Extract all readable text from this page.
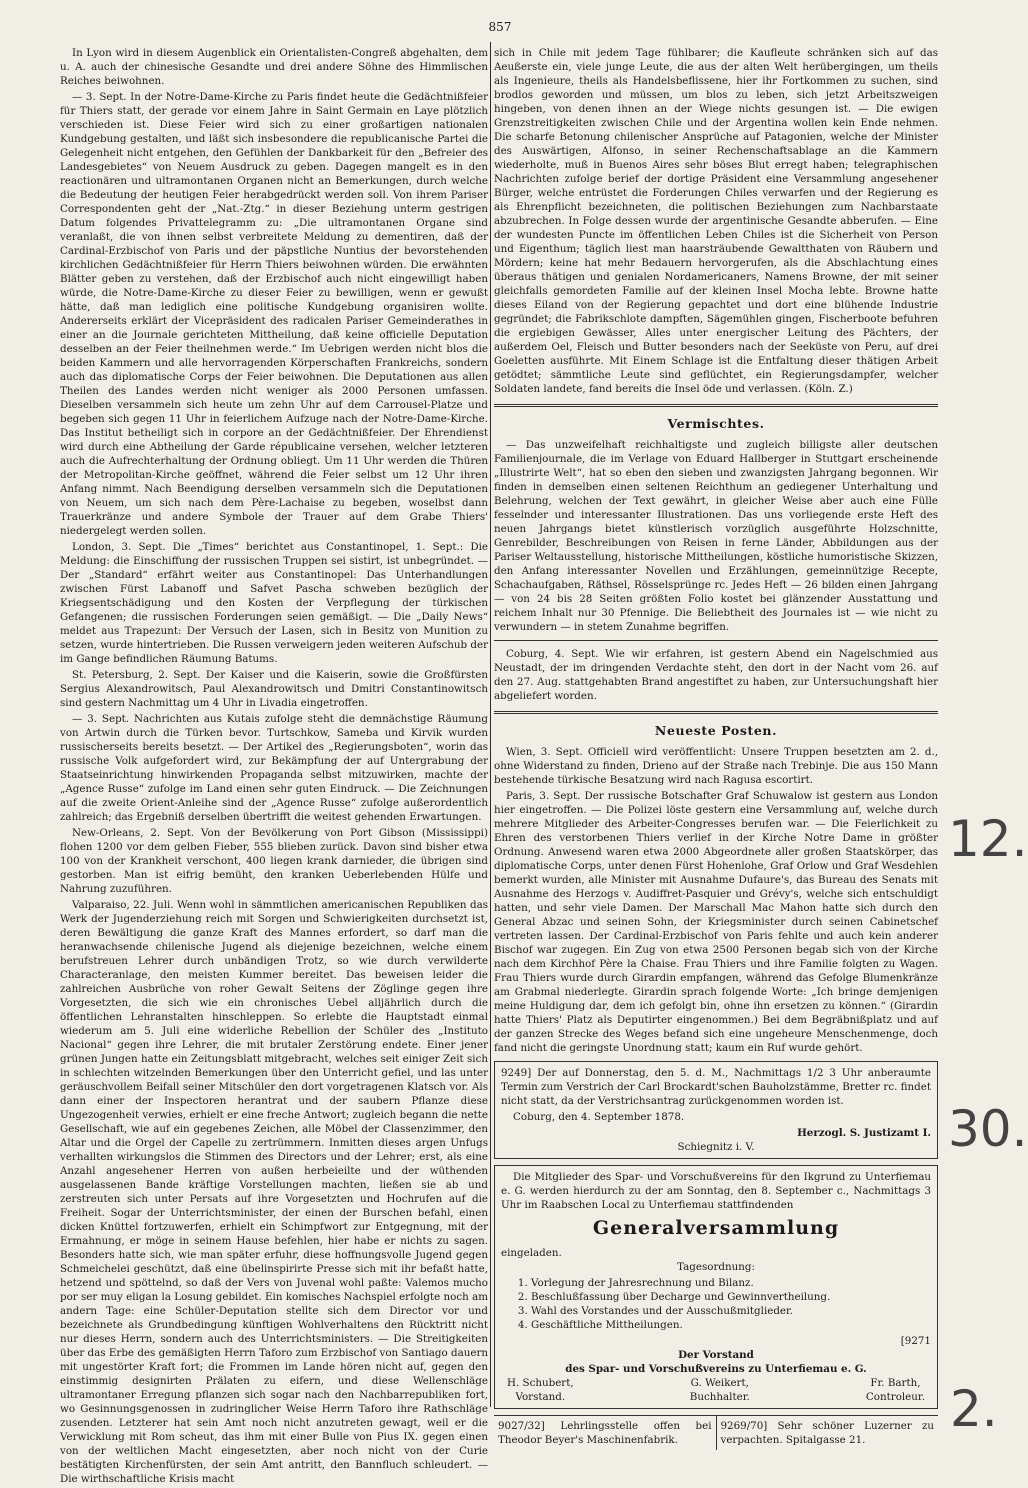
857

In Lyon wird in diesem Augenblick ein Orientalisten-Congreß abgehalten, dem u. A. auch der chinesische Gesandte und drei andere Söhne des Himmlischen Reiches beiwohnen.

— 3. Sept. In der Notre-Dame-Kirche zu Paris findet heute die Gedächtnißfeier für Thiers statt, der gerade vor einem Jahre in Saint Germain en Laye plötzlich verschieden ist. Diese Feier wird sich zu einer großartigen nationalen Kundgebung gestalten, und läßt sich insbesondere die republicanische Partei die Gelegenheit nicht entgehen, den Gefühlen der Dankbarkeit für den „Befreier des Landesgebietes“ von Neuem Ausdruck zu geben. Dagegen mangelt es in den reactionären und ultramontanen Organen nicht an Bemerkungen, durch welche die Bedeutung der heutigen Feier herabgedrückt werden soll. Von ihrem Pariser Correspondenten geht der „Nat.-Ztg.“ in dieser Beziehung unterm gestrigen Datum folgendes Privattelegramm zu: „Die ultramontanen Organe sind veranlaßt, die von ihnen selbst verbreitete Meldung zu dementiren, daß der Cardinal-Erzbischof von Paris und der päpstliche Nuntius der bevorstehenden kirchlichen Gedächtnißfeier für Herrn Thiers beiwohnen würden. Die erwähnten Blätter geben zu verstehen, daß der Erzbischof auch nicht eingewilligt haben würde, die Notre-Dame-Kirche zu dieser Feier zu bewilligen, wenn er gewußt hätte, daß man lediglich eine politische Kundgebung organisiren wollte. Andererseits erklärt der Vicepräsident des radicalen Pariser Gemeinderathes in einer an die Journale gerichteten Mittheilung, daß keine officielle Deputation desselben an der Feier theilnehmen werde.“ Im Uebrigen werden nicht blos die beiden Kammern und alle hervorragenden Körperschaften Frankreichs, sondern auch das diplomatische Corps der Feier beiwohnen. Die Deputationen aus allen Theilen des Landes werden nicht weniger als 2000 Personen umfassen. Dieselben versammeln sich heute um zehn Uhr auf dem Carrousel-Platze und begeben sich gegen 11 Uhr in feierlichem Aufzuge nach der Notre-Dame-Kirche. Das Institut betheiligt sich in corpore an der Gedächtnißfeier. Der Ehrendienst wird durch eine Abtheilung der Garde républicaine versehen, welcher letzteren auch die Aufrechterhaltung der Ordnung obliegt. Um 11 Uhr werden die Thüren der Metropolitan-Kirche geöffnet, während die Feier selbst um 12 Uhr ihren Anfang nimmt. Nach Beendigung derselben versammeln sich die Deputationen von Neuem, um sich nach dem Père-Lachaise zu begeben, woselbst dann Trauerkränze und andere Symbole der Trauer auf dem Grabe Thiers' niedergelegt werden sollen.

London, 3. Sept. Die „Times“ berichtet aus Constantinopel, 1. Sept.: Die Meldung: die Einschiffung der russischen Truppen sei sistirt, ist unbegründet. — Der „Standard“ erfährt weiter aus Constantinopel: Das Unterhandlungen zwischen Fürst Labanoff und Safvet Pascha schweben bezüglich der Kriegsentschädigung und den Kosten der Verpflegung der türkischen Gefangenen; die russischen Forderungen seien gemäßigt. — Die „Daily News“ meldet aus Trapezunt: Der Versuch der Lasen, sich in Besitz von Munition zu setzen, wurde hintertrieben. Die Russen verweigern jeden weiteren Aufschub der im Gange befindlichen Räumung Batums.

St. Petersburg, 2. Sept. Der Kaiser und die Kaiserin, sowie die Großfürsten Sergius Alexandrowitsch, Paul Alexandrowitsch und Dmitri Constantinowitsch sind gestern Nachmittag um 4 Uhr in Livadia eingetroffen.

— 3. Sept. Nachrichten aus Kutais zufolge steht die demnächstige Räumung von Artwin durch die Türken bevor. Turtschkow, Sameba und Kirvik wurden russischerseits bereits besetzt. — Der Artikel des „Regierungsboten“, worin das russische Volk aufgefordert wird, zur Bekämpfung der auf Untergrabung der Staatseinrichtung hinwirkenden Propaganda selbst mitzuwirken, machte der „Agence Russe“ zufolge im Land einen sehr guten Eindruck. — Die Zeichnungen auf die zweite Orient-Anleihe sind der „Agence Russe“ zufolge außerordentlich zahlreich; das Ergebniß derselben übertrifft die weitest gehenden Erwartungen.

New-Orleans, 2. Sept. Von der Bevölkerung von Port Gibson (Mississippi) flohen 1200 vor dem gelben Fieber, 555 blieben zurück. Davon sind bisher etwa 100 von der Krankheit verschont, 400 liegen krank darnieder, die übrigen sind gestorben. Man ist eifrig bemüht, den kranken Ueberlebenden Hülfe und Nahrung zuzuführen.

Valparaiso, 22. Juli. Wenn wohl in sämmtlichen americanischen Republiken das Werk der Jugenderziehung reich mit Sorgen und Schwierigkeiten durchsetzt ist, deren Bewältigung die ganze Kraft des Mannes erfordert, so darf man die heranwachsende chilenische Jugend als diejenige bezeichnen, welche einem berufstreuen Lehrer durch unbändigen Trotz, so wie durch verwilderte Characteranlage, den meisten Kummer bereitet. Das beweisen leider die zahlreichen Ausbrüche von roher Gewalt Seitens der Zöglinge gegen ihre Vorgesetzten, die sich wie ein chronisches Uebel alljährlich durch die öffentlichen Lehranstalten hinschleppen. So erlebte die Hauptstadt einmal wiederum am 5. Juli eine widerliche Rebellion der Schüler des „Instituto Nacional“ gegen ihre Lehrer, die mit brutaler Zerstörung endete. Einer jener grünen Jungen hatte ein Zeitungsblatt mitgebracht, welches seit einiger Zeit sich in schlechten witzelnden Bemerkungen über den Unterricht gefiel, und las unter geräuschvollem Beifall seiner Mitschüler den dort vorgetragenen Klatsch vor. Als dann einer der Inspectoren herantrat und der saubern Pflanze diese Ungezogenheit verwies, erhielt er eine freche Antwort; zugleich begann die nette Gesellschaft, wie auf ein gegebenes Zeichen, alle Möbel der Classenzimmer, den Altar und die Orgel der Capelle zu zertrümmern. Inmitten dieses argen Unfugs verhallten wirkungslos die Stimmen des Directors und der Lehrer; erst, als eine Anzahl angesehener Herren von außen herbeieilte und der wüthenden ausgelassenen Bande kräftige Vorstellungen machten, ließen sie ab und zerstreuten sich unter Persats auf ihre Vorgesetzten und Hochrufen auf die Freiheit. Sogar der Unterrichtsminister, der einen der Burschen befahl, einen dicken Knüttel fortzuwerfen, erhielt ein Schimpfwort zur Entgegnung, mit der Ermahnung, er möge in seinem Hause befehlen, hier habe er nichts zu sagen. Besonders hatte sich, wie man später erfuhr, diese hoffnungsvolle Jugend gegen Schmeichelei geschützt, daß eine übelinspirirte Presse sich mit ihr befaßt hatte, hetzend und spöttelnd, so daß der Vers von Juvenal wohl paßte: Valemos mucho por ser muy eligan la Losung gebildet. Ein komisches Nachspiel erfolgte noch am andern Tage: eine Schüler-Deputation stellte sich dem Director vor und bezeichnete als Grundbedingung künftigen Wohlverhaltens den Rücktritt nicht nur dieses Herrn, sondern auch des Unterrichtsministers. — Die Streitigkeiten über das Erbe des gemäßigten Herrn Taforo zum Erzbischof von Santiago dauern mit ungestörter Kraft fort; die Frommen im Lande hören nicht auf, gegen den einstimmig designirten Prälaten zu eifern, und diese Wellenschläge ultramontaner Erregung pflanzen sich sogar nach den Nachbarrepubliken fort, wo Gesinnungsgenossen in zudringlicher Weise Herrn Taforo ihre Rathschläge zusenden. Letzterer hat sein Amt noch nicht anzutreten gewagt, weil er die Verwicklung mit Rom scheut, das ihm mit einer Bulle von Pius IX. gegen einen von der weltlichen Macht eingesetzten, aber noch nicht von der Curie bestätigten Kirchenfürsten, der sein Amt antritt, den Bannfluch schleudert. — Die wirthschaftliche Krisis macht

sich in Chile mit jedem Tage fühlbarer; die Kaufleute schränken sich auf das Aeußerste ein, viele junge Leute, die aus der alten Welt herübergingen, um theils als Ingenieure, theils als Handelsbeflissene, hier ihr Fortkommen zu suchen, sind brodlos geworden und müssen, um blos zu leben, sich jetzt Arbeitszweigen hingeben, von denen ihnen an der Wiege nichts gesungen ist. — Die ewigen Grenzstreitigkeiten zwischen Chile und der Argentina wollen kein Ende nehmen. Die scharfe Betonung chilenischer Ansprüche auf Patagonien, welche der Minister des Auswärtigen, Alfonso, in seiner Rechenschaftsablage an die Kammern wiederholte, muß in Buenos Aires sehr böses Blut erregt haben; telegraphischen Nachrichten zufolge berief der dortige Präsident eine Versammlung angesehener Bürger, welche entrüstet die Forderungen Chiles verwarfen und der Regierung es als Ehrenpflicht bezeichneten, die politischen Beziehungen zum Nachbarstaate abzubrechen. In Folge dessen wurde der argentinische Gesandte abberufen. — Eine der wundesten Puncte im öffentlichen Leben Chiles ist die Sicherheit von Person und Eigenthum; täglich liest man haarsträubende Gewaltthaten von Räubern und Mördern; keine hat mehr Bedauern hervorgerufen, als die Abschlachtung eines überaus thätigen und genialen Nordamericaners, Namens Browne, der mit seiner gleichfalls gemordeten Familie auf der kleinen Insel Mocha lebte. Browne hatte dieses Eiland von der Regierung gepachtet und dort eine blühende Industrie gegründet; die Fabrikschlote dampften, Sägemühlen gingen, Fischerboote befuhren die ergiebigen Gewässer, Alles unter energischer Leitung des Pächters, der außerdem Oel, Fleisch und Butter besonders nach der Seeküste von Peru, auf drei Goeletten ausführte. Mit Einem Schlage ist die Entfaltung dieser thätigen Arbeit getödtet; sämmtliche Leute sind geflüchtet, ein Regierungsdampfer, welcher Soldaten landete, fand bereits die Insel öde und verlassen. (Köln. Z.)

Vermischtes.

— Das unzweifelhaft reichhaltigste und zugleich billigste aller deutschen Familienjournale, die im Verlage von Eduard Hallberger in Stuttgart erscheinende „Illustrirte Welt“, hat so eben den sieben und zwanzigsten Jahrgang begonnen. Wir finden in demselben einen seltenen Reichthum an gediegener Unterhaltung und Belehrung, welchen der Text gewährt, in gleicher Weise aber auch eine Fülle fesselnder und interessanter Illustrationen. Das uns vorliegende erste Heft des neuen Jahrgangs bietet künstlerisch vorzüglich ausgeführte Holzschnitte, Genrebilder, Beschreibungen von Reisen in ferne Länder, Abbildungen aus der Pariser Weltausstellung, historische Mittheilungen, köstliche humoristische Skizzen, den Anfang interessanter Novellen und Erzählungen, gemeinnützige Recepte, Schachaufgaben, Räthsel, Rösselsprünge rc. Jedes Heft — 26 bilden einen Jahrgang — von 24 bis 28 Seiten größten Folio kostet bei glänzender Ausstattung und reichem Inhalt nur 30 Pfennige. Die Beliebtheit des Journales ist — wie nicht zu verwundern — in stetem Zunahme begriffen.

Coburg, 4. Sept. Wie wir erfahren, ist gestern Abend ein Nagelschmied aus Neustadt, der im dringenden Verdachte steht, den dort in der Nacht vom 26. auf den 27. Aug. stattgehabten Brand angestiftet zu haben, zur Untersuchungshaft hier abgeliefert worden.

Neueste Posten.

Wien, 3. Sept. Officiell wird veröffentlicht: Unsere Truppen besetzten am 2. d., ohne Widerstand zu finden, Drieno auf der Straße nach Trebinje. Die aus 150 Mann bestehende türkische Besatzung wird nach Ragusa escortirt.

Paris, 3. Sept. Der russische Botschafter Graf Schuwalow ist gestern aus London hier eingetroffen. — Die Polizei löste gestern eine Versammlung auf, welche durch mehrere Mitglieder des Arbeiter-Congresses berufen war. — Die Feierlichkeit zu Ehren des verstorbenen Thiers verlief in der Kirche Notre Dame in größter Ordnung. Anwesend waren etwa 2000 Abgeordnete aller großen Staatskörper, das diplomatische Corps, unter denen Fürst Hohenlohe, Graf Orlow und Graf Wesdehlen bemerkt wurden, alle Minister mit Ausnahme Dufaure's, das Bureau des Senats mit Ausnahme des Herzogs v. Audiffret-Pasquier und Grévy's, welche sich entschuldigt hatten, und sehr viele Damen. Der Marschall Mac Mahon hatte sich durch den General Abzac und seinen Sohn, der Kriegsminister durch seinen Cabinetschef vertreten lassen. Der Cardinal-Erzbischof von Paris fehlte und auch kein anderer Bischof war zugegen. Ein Zug von etwa 2500 Personen begab sich von der Kirche nach dem Kirchhof Père la Chaise. Frau Thiers und ihre Familie folgten zu Wagen. Frau Thiers wurde durch Girardin empfangen, während das Gefolge Blumenkränze am Grabmal niederlegte. Girardin sprach folgende Worte: „Ich bringe demjenigen meine Huldigung dar, dem ich gefolgt bin, ohne ihn ersetzen zu können.“ (Girardin hatte Thiers' Platz als Deputirter eingenommen.) Bei dem Begräbnißplatz und auf der ganzen Strecke des Weges befand sich eine ungeheure Menschenmenge, doch fand nicht die geringste Unordnung statt; kaum ein Ruf wurde gehört.

9249] Der auf Donnerstag, den 5. d. M., Nachmittags 1/2 3 Uhr anberaumte Termin zum Verstrich der Carl Brockardt'schen Bauholzstämme, Bretter rc. findet nicht statt, da der Verstrichsantrag zurückgenommen worden ist.

Coburg, den 4. September 1878.

Herzogl. S. Justizamt I.
Schiegnitz i. V.

Die Mitglieder des Spar- und Vorschußvereins für den Ikgrund zu Unterfiemau e. G. werden hierdurch zu der am Sonntag, den 8. September c., Nachmittags 3 Uhr im Raabschen Local zu Unterfiemau stattfindenden

Generalversammlung
eingeladen.
Tagesordnung:
1. Vorlegung der Jahresrechnung und Bilanz.
2. Beschlußfassung über Decharge und Gewinnvertheilung.
3. Wahl des Vorstandes und der Ausschußmitglieder.
4. Geschäftliche Mittheilungen.
[9271
Der Vorstand
des Spar- und Vorschußvereins zu Unterfiemau e. G.
H. Schubert,
Vorstand.
G. Weikert,
Buchhalter.
Fr. Barth,
Controleur.
9027/32] Lehrlingsstelle offen bei Theodor Beyer's Maschinenfabrik.
9269/70] Sehr schöner Luzerner zu verpachten. Spitalgasse 21.
12.
30.
2.
